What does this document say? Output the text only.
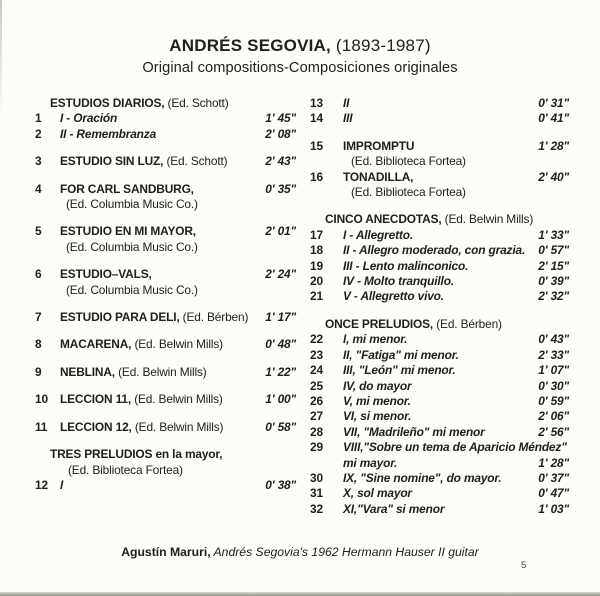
ANDRÉS SEGOVIA, (1893-1987)
Original compositions-Composiciones originales
ESTUDIOS DIARIOS, (Ed. Schott)
1	I - Oración	1' 45"
2	II - Remembranza	2' 08"
3	ESTUDIO SIN LUZ, (Ed. Schott)	2' 43"
4	FOR CARL SANDBURG,	0' 35"
(Ed. Columbia Music Co.)
5	ESTUDIO EN MI MAYOR,	2' 01"
(Ed. Columbia Music Co.)
6	ESTUDIO–VALS,	2' 24"
(Ed. Columbia Music Co.)
7	ESTUDIO PARA DELI, (Ed. Bérben)	1' 17"
8	MACARENA, (Ed. Belwin Mills)	0' 48"
9	NEBLINA, (Ed. Belwin Mills)	1' 22"
10	LECCION 11, (Ed. Belwin Mills)	1' 00"
11	LECCION 12, (Ed. Belwin Mills)	0' 58"
TRES PRELUDIOS en la mayor,
(Ed. Biblioteca Fortea)
12	I	0' 38"
13	II	0' 31"
14	III	0' 41"
15	IMPROMPTU	1' 28"
(Ed. Biblioteca Fortea)
16	TONADILLA,	2' 40"
(Ed. Biblioteca Fortea)
CINCO ANECDOTAS, (Ed. Belwin Mills)
17	I - Allegretto.	1' 33"
18	II - Allegro moderado, con grazia.	0' 57"
19	III - Lento malinconico.	2' 15"
20	IV - Molto tranquillo.	0' 39"
21	V - Allegretto vivo.	2' 32"
ONCE PRELUDIOS, (Ed. Bérben)
22	I, mi menor.	0' 43"
23	II, "Fatiga" mi menor.	2' 33"
24	III, "León" mi menor.	1' 07"
25	IV, do mayor	0' 30"
26	V, mi menor.	0' 59"
27	VI, si menor.	2' 06"
28	VII, "Madrileño" mi menor	2' 56"
29	VIII,"Sobre un tema de Aparicio Méndez"
mi mayor.	1' 28"
30	IX, "Sine nomine", do mayor.	0' 37"
31	X, sol mayor	0' 47"
32	XI,"Vara" si menor	1' 03"
Agustín Maruri, Andrés Segovia's 1962 Hermann Hauser II guitar
5
